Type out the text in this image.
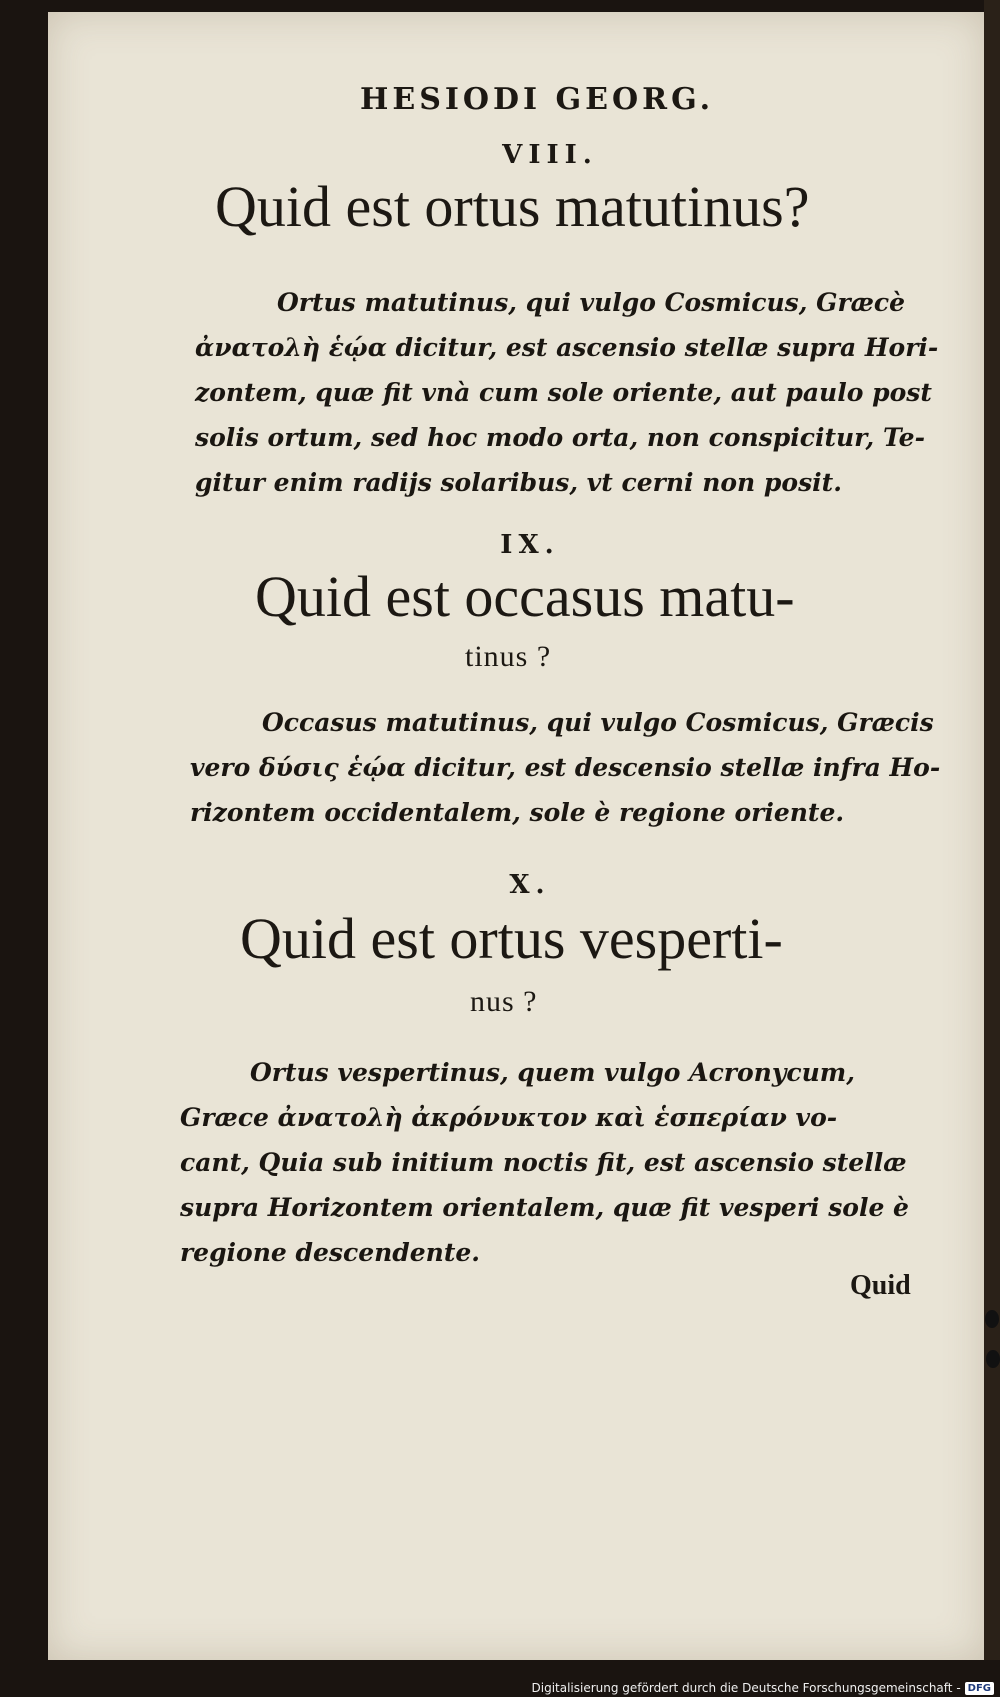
HESIODI GEORG.
VIII.
Quid est ortus matutinus?
Ortus matutinus, qui vulgo Cosmicus, Græcè
ἀνατολὴ ἑῴα dicitur, est ascensio stellæ supra Hori-
zontem, quæ fit vnà cum sole oriente, aut paulo post
solis ortum, sed hoc modo orta, non conspicitur, Te-
gitur enim radijs solaribus, vt cerni non posit.
IX.
Quid est occasus matu-
tinus ?
Occasus matutinus, qui vulgo Cosmicus, Græcis
vero δύσις ἑῴα dicitur, est descensio stellæ infra Ho-
rizontem occidentalem, sole è regione oriente.
X.
Quid est ortus vesperti-
nus ?
Ortus vespertinus, quem vulgo Acronycum,
Græce ἀνατολὴ ἀκρόνυκτον καὶ ἑσπερίαν vo-
cant, Quia sub initium noctis fit, est ascensio stellæ
supra Horizontem orientalem, quæ fit vesperi sole è
regione descendente.
Quid
Digitalisierung gefördert durch die Deutsche Forschungsgemeinschaft - DFG
